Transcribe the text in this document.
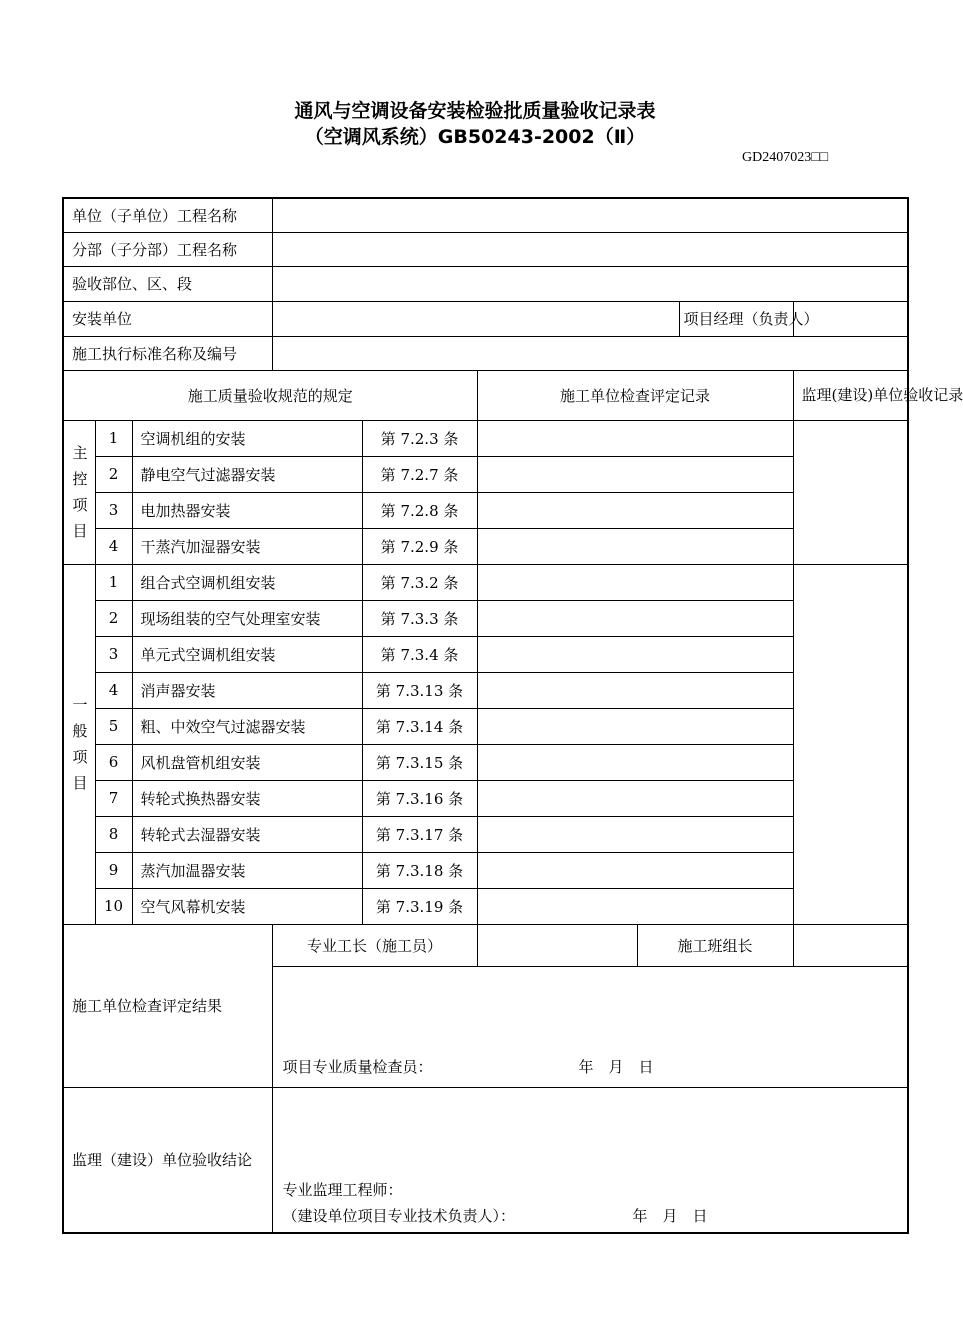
通风与空调设备安装检验批质量验收记录表
（空调风系统）GB50243-2002（Ⅱ）
GD2407023□□
单位（子单位）工程名称								
分部（子分部）工程名称								
验收部位、区、段								
安装单位							项目经理（负责人）	
施工执行标准名称及编号								
施工质量验收规范的规定					施工单位检查评定记录			监理(建设)单位验收记录
主控项目	1	空调机组的安装		第 7.2.3 条				
	2	静电空气过滤器安装		第 7.2.7 条				
	3	电加热器安装		第 7.2.8 条				
	4	干蒸汽加湿器安装		第 7.2.9 条				
一般项目	1	组合式空调机组安装		第 7.3.2 条				
	2	现场组装的空气处理室安装		第 7.3.3 条				
	3	单元式空调机组安装		第 7.3.4 条				
	4	消声器安装		第 7.3.13 条				
	5	粗、中效空气过滤器安装		第 7.3.14 条				
	6	风机盘管机组安装		第 7.3.15 条				
	7	转轮式换热器安装		第 7.3.16 条				
	8	转轮式去湿器安装		第 7.3.17 条				
	9	蒸汽加温器安装		第 7.3.18 条				
	10	空气风幕机安装		第 7.3.19 条				
施工单位检查评定结果			专业工长（施工员）			施工班组长		

			项目专业质量检查员： 年　月　日					

监理（建设）单位验收结论			专业监理工程师：
（建设单位项目专业技术负责人）： 年　月　日					
